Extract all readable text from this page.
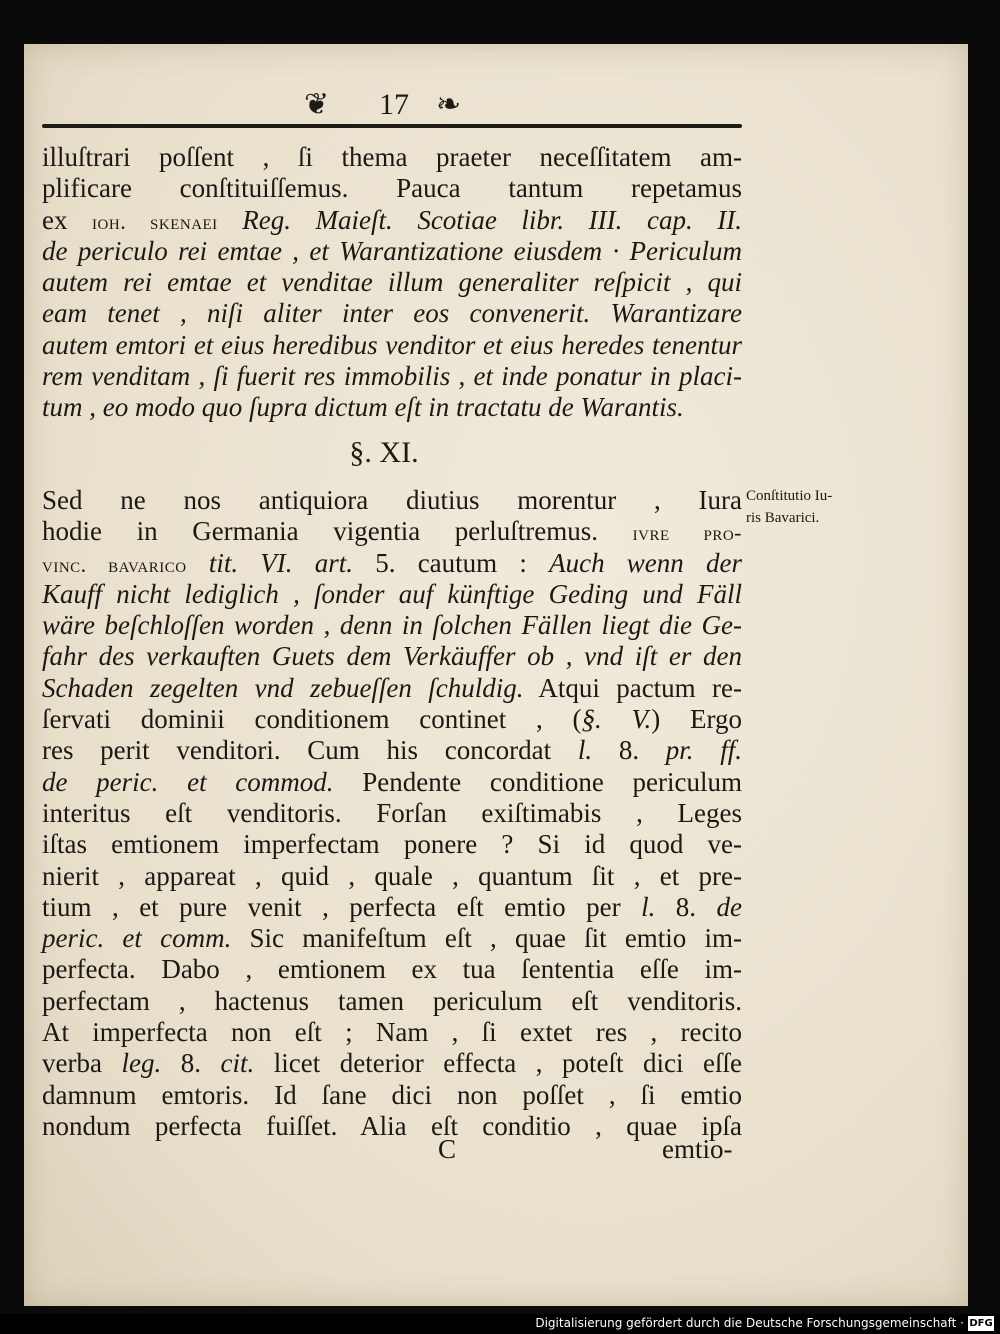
❦	17 ❧
illuſtrari poſſent , ſi thema praeter neceſſitatem am-
plificare conſtituiſſemus. Pauca tantum repetamus
ex ioh. skenaei Reg. Maieſt. Scotiae libr. III. cap. II.
de periculo rei emtae , et Warantizatione eiusdem · Periculum
autem rei emtae et venditae illum generaliter reſpicit , qui
eam tenet , niſi aliter inter eos convenerit. Warantizare
autem emtori et eius heredibus venditor et eius heredes tenentur
rem venditam , ſi fuerit res immobilis , et inde ponatur in placi-
tum , eo modo quo ſupra dictum eſt in tractatu de Warantis.
§. XI.
Conſtitutio Iu-
ris Bavarici.
Sed ne nos antiquiora diutius morentur , Iura
hodie in Germania vigentia perluſtremus. ivre pro-
vinc. bavarico tit. VI. art. 5. cautum : Auch wenn der
Kauff nicht lediglich , ſonder auf künftige Geding und Fäll
wäre beſchloſſen worden , denn in ſolchen Fällen liegt die Ge-
fahr des verkauften Guets dem Verkäuffer ob , vnd iſt er den
Schaden zegelten vnd zebueſſen ſchuldig. Atqui pactum re-
ſervati dominii conditionem continet , (§. V.) Ergo
res perit venditori. Cum his concordat l. 8. pr. ff.
de peric. et commod. Pendente conditione periculum
interitus eſt venditoris. Forſan exiſtimabis , Leges
iſtas emtionem imperfectam ponere ? Si id quod ve-
nierit , appareat , quid , quale , quantum ſit , et pre-
tium , et pure venit , perfecta eſt emtio per l. 8. de
peric. et comm. Sic manifeſtum eſt , quae ſit emtio im-
perfecta. Dabo , emtionem ex tua ſententia eſſe im-
perfectam , hactenus tamen periculum eſt venditoris.
At imperfecta non eſt ; Nam , ſi extet res , recito
verba leg. 8. cit. licet deterior effecta , poteſt dici eſſe
damnum emtoris. Id ſane dici non poſſet , ſi emtio
nondum perfecta fuiſſet. Alia eſt conditio , quae ipſa
C	emtio-
Digitalisierung gefördert durch die Deutsche Forschungsgemeinschaft · DFG
